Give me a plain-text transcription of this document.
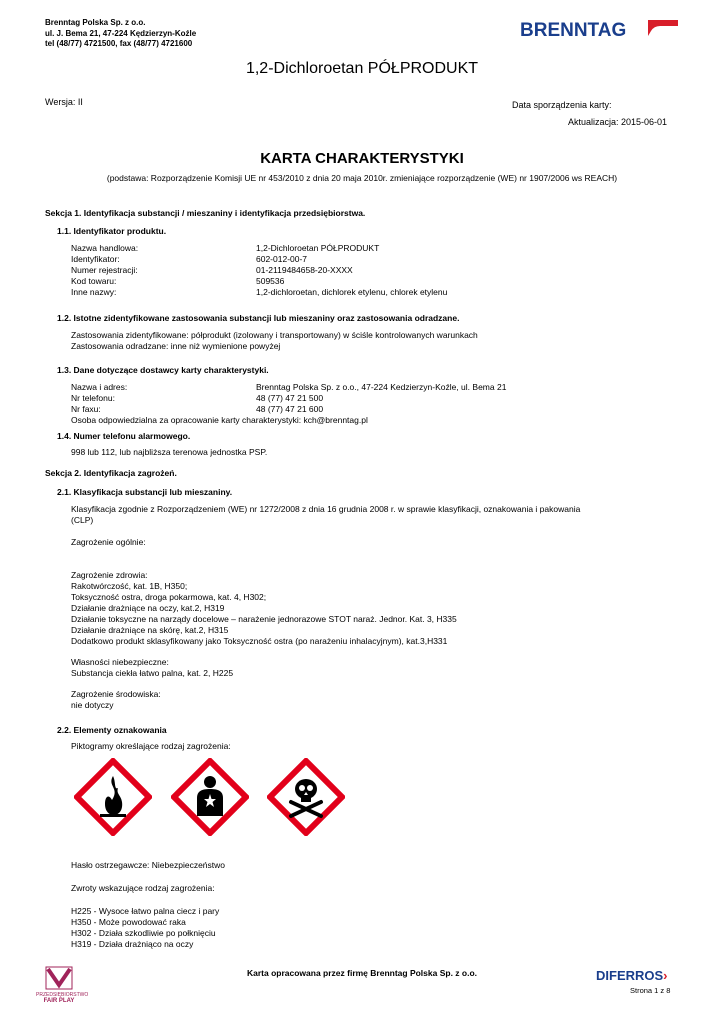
Brenntag Polska Sp. z o.o.
ul. J. Bema 21, 47-224 Kędzierzyn-Koźle
tel (48/77) 4721500, fax (48/77) 4721600
BRENNTAG
1,2-Dichloroetan PÓŁPRODUKT
Wersja: II	Data sporządzenia karty:
Aktualizacja: 2015-06-01
KARTA CHARAKTERYSTYKI
(podstawa: Rozporządzenie Komisji UE nr 453/2010 z dnia 20 maja 2010r. zmieniające rozporządzenie (WE) nr 1907/2006 ws REACH)
Sekcja 1. Identyfikacja substancji / mieszaniny i identyfikacja przedsiębiorstwa.
1.1. Identyfikator produktu.
Nazwa handlowa:	1,2-Dichloroetan PÓŁPRODUKT
Identyfikator:	602-012-00-7
Numer rejestracji:	01-2119484658-20-XXXX
Kod towaru:	509536
Inne nazwy:	1,2-dichloroetan, dichlorek etylenu, chlorek etylenu
1.2. Istotne zidentyfikowane zastosowania substancji lub mieszaniny oraz zastosowania odradzane.
Zastosowania zidentyfikowane: półprodukt (izolowany i transportowany) w ściśle kontrolowanych warunkach
Zastosowania odradzane: inne niż wymienione powyżej
1.3. Dane dotyczące dostawcy karty charakterystyki.
Nazwa i adres:	Brenntag Polska Sp. z o.o., 47-224 Kedzierzyn-Koźle, ul. Bema 21
Nr telefonu:	48 (77) 47 21 500
Nr faxu:	48 (77) 47 21 600
Osoba odpowiedzialna za opracowanie karty charakterystyki: kch@brenntag.pl
1.4. Numer telefonu alarmowego.
998 lub 112, lub najbliższa terenowa jednostka PSP.
Sekcja 2. Identyfikacja zagrożeń.
2.1. Klasyfikacja substancji lub mieszaniny.
Klasyfikacja zgodnie z Rozporządzeniem (WE) nr 1272/2008 z dnia 16 grudnia 2008 r. w sprawie klasyfikacji, oznakowania i pakowania
(CLP)
Zagrożenie ogólnie:
Zagrożenie zdrowia:
Rakotwórczość, kat. 1B, H350;
Toksyczność ostra, droga pokarmowa, kat. 4, H302;
Działanie drażniące na oczy, kat.2, H319
Działanie toksyczne na narządy docelowe – narażenie jednorazowe STOT naraż. Jednor. Kat. 3, H335
Działanie drażniące na skórę, kat.2, H315
Dodatkowo produkt sklasyfikowany jako Toksyczność ostra (po narażeniu inhalacyjnym), kat.3,H331
Własności niebezpieczne:
Substancja ciekła łatwo palna, kat. 2, H225
Zagrożenie środowiska:
nie dotyczy
2.2. Elementy oznakowania
Piktogramy określające rodzaj zagrożenia:
Hasło ostrzegawcze: Niebezpieczeństwo
Zwroty wskazujące rodzaj zagrożenia:
H225 - Wysoce łatwo palna ciecz i pary
H350 - Może powodować raka
H302 - Działa szkodliwie po połknięciu
H319 - Działa drażniąco na oczy
PRZEDSIĘBIORSTWO
FAIR PLAY
Karta opracowana przez firmę Brenntag Polska Sp. z o.o.	DIFERROS›
Strona 1 z 8
